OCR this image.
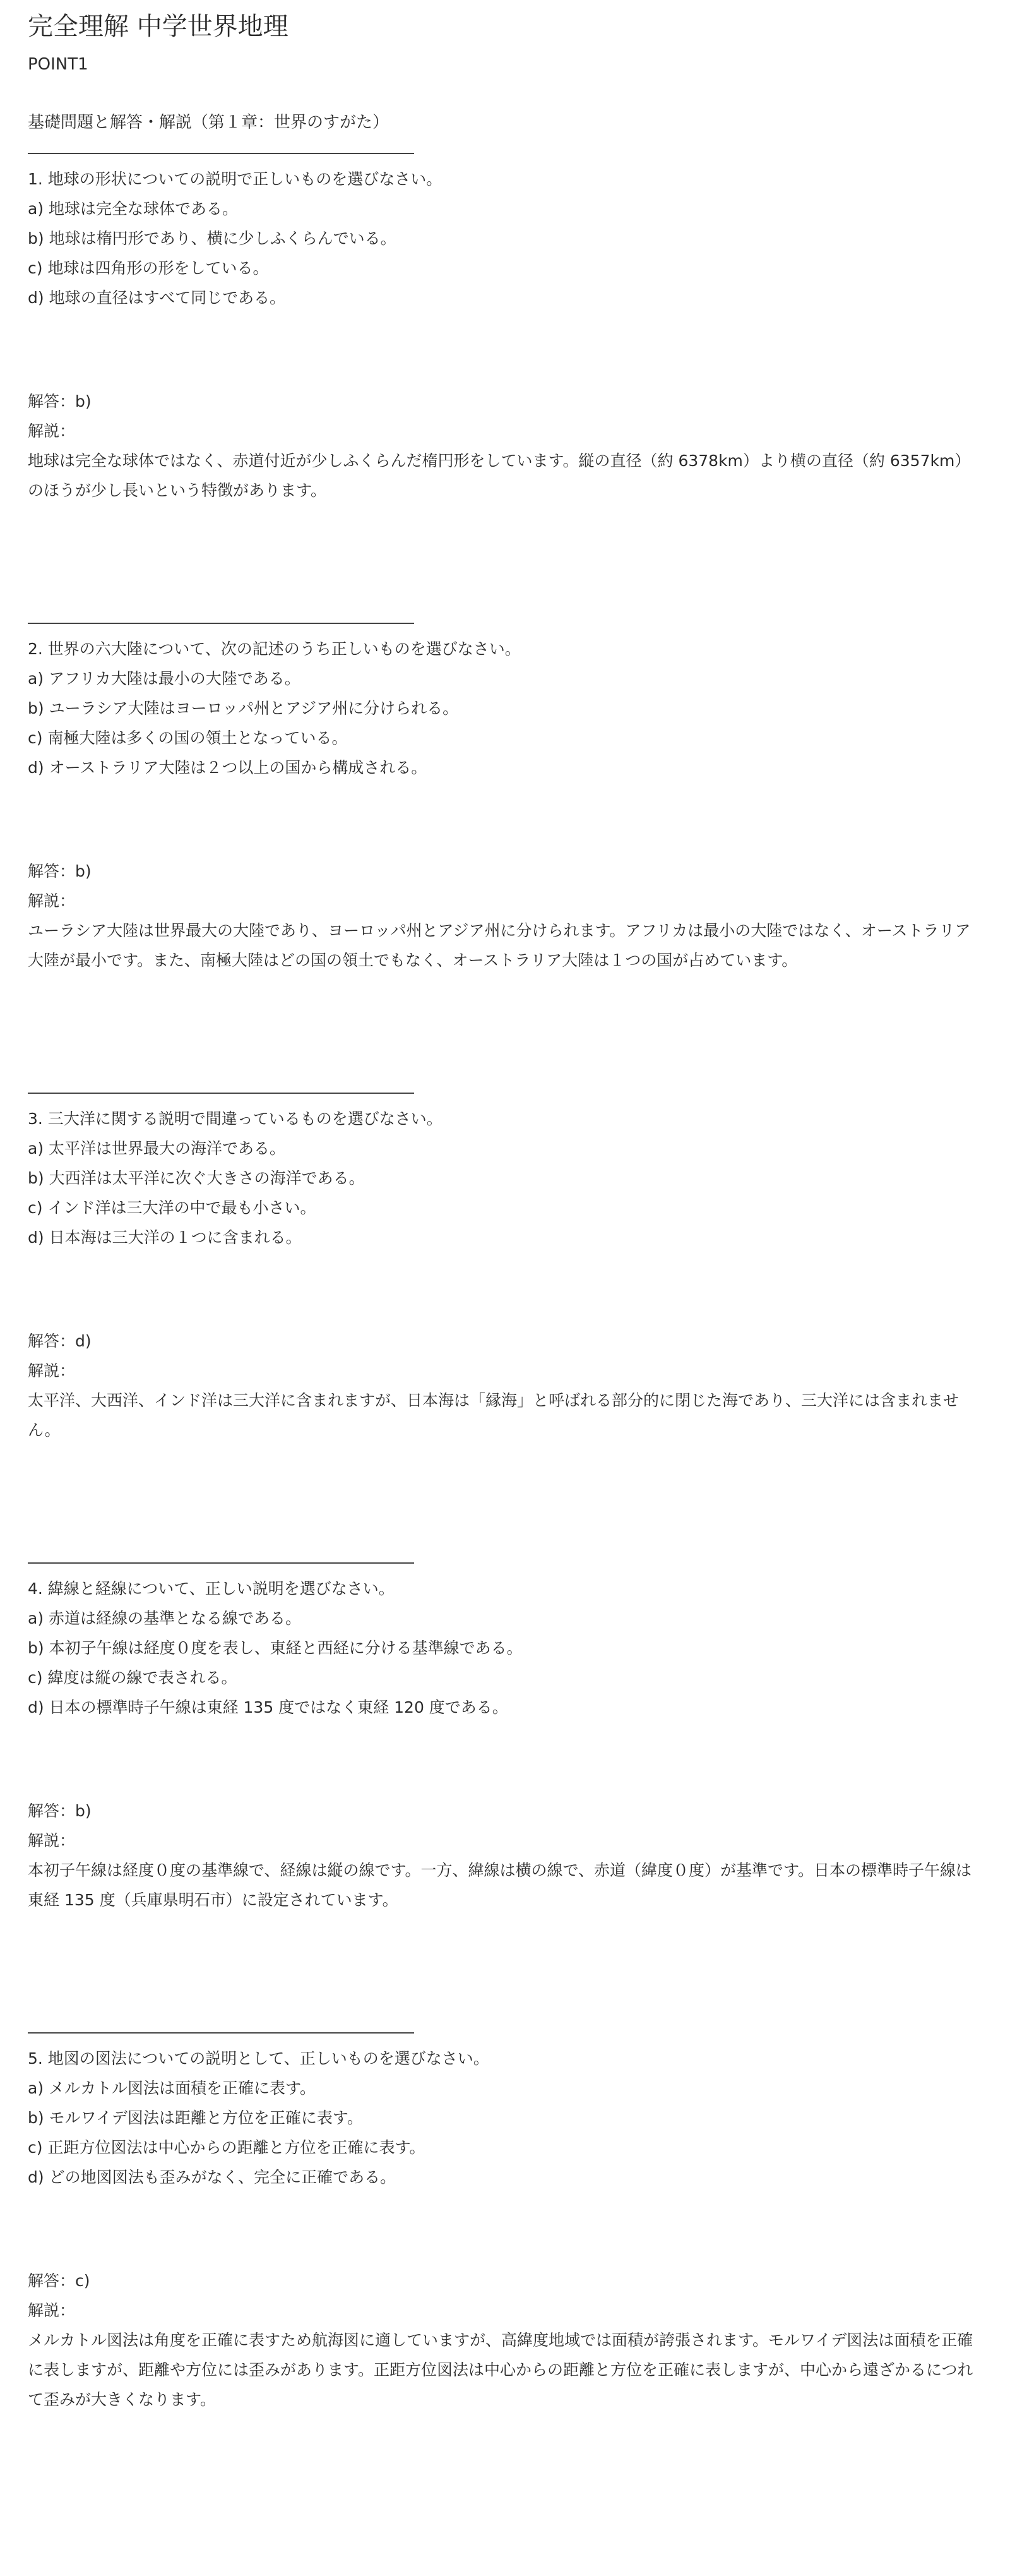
完全理解 中学世界地理
POINT1
基礎問題と解答・解説（第１章：世界のすがた）

1. 地球の形状についての説明で正しいものを選びなさい。

a) 地球は完全な球体である。

b) 地球は楕円形であり、横に少しふくらんでいる。

c) 地球は四角形の形をしている。

d) 地球の直径はすべて同じである。

解答：b)

解説：

地球は完全な球体ではなく、赤道付近が少しふくらんだ楕円形をしています。縦の直径（約 6378km）より横の直径（約 6357km）のほうが少し長いという特徴があります。

2. 世界の六大陸について、次の記述のうち正しいものを選びなさい。

a) アフリカ大陸は最小の大陸である。

b) ユーラシア大陸はヨーロッパ州とアジア州に分けられる。

c) 南極大陸は多くの国の領土となっている。

d) オーストラリア大陸は２つ以上の国から構成される。

解答：b)

解説：

ユーラシア大陸は世界最大の大陸であり、ヨーロッパ州とアジア州に分けられます。アフリカは最小の大陸ではなく、オーストラリア大陸が最小です。また、南極大陸はどの国の領土でもなく、オーストラリア大陸は１つの国が占めています。

3. 三大洋に関する説明で間違っているものを選びなさい。

a) 太平洋は世界最大の海洋である。

b) 大西洋は太平洋に次ぐ大きさの海洋である。

c) インド洋は三大洋の中で最も小さい。

d) 日本海は三大洋の１つに含まれる。

解答：d)

解説：

太平洋、大西洋、インド洋は三大洋に含まれますが、日本海は「縁海」と呼ばれる部分的に閉じた海であり、三大洋には含まれません。

4. 緯線と経線について、正しい説明を選びなさい。

a) 赤道は経線の基準となる線である。

b) 本初子午線は経度０度を表し、東経と西経に分ける基準線である。

c) 緯度は縦の線で表される。

d) 日本の標準時子午線は東経 135 度ではなく東経 120 度である。

解答：b)

解説：

本初子午線は経度０度の基準線で、経線は縦の線です。一方、緯線は横の線で、赤道（緯度０度）が基準です。日本の標準時子午線は東経 135 度（兵庫県明石市）に設定されています。

5. 地図の図法についての説明として、正しいものを選びなさい。

a) メルカトル図法は面積を正確に表す。

b) モルワイデ図法は距離と方位を正確に表す。

c) 正距方位図法は中心からの距離と方位を正確に表す。

d) どの地図図法も歪みがなく、完全に正確である。

解答：c)

解説：

メルカトル図法は角度を正確に表すため航海図に適していますが、高緯度地域では面積が誇張されます。モルワイデ図法は面積を正確に表しますが、距離や方位には歪みがあります。正距方位図法は中心からの距離と方位を正確に表しますが、中心から遠ざかるにつれて歪みが大きくなります。
